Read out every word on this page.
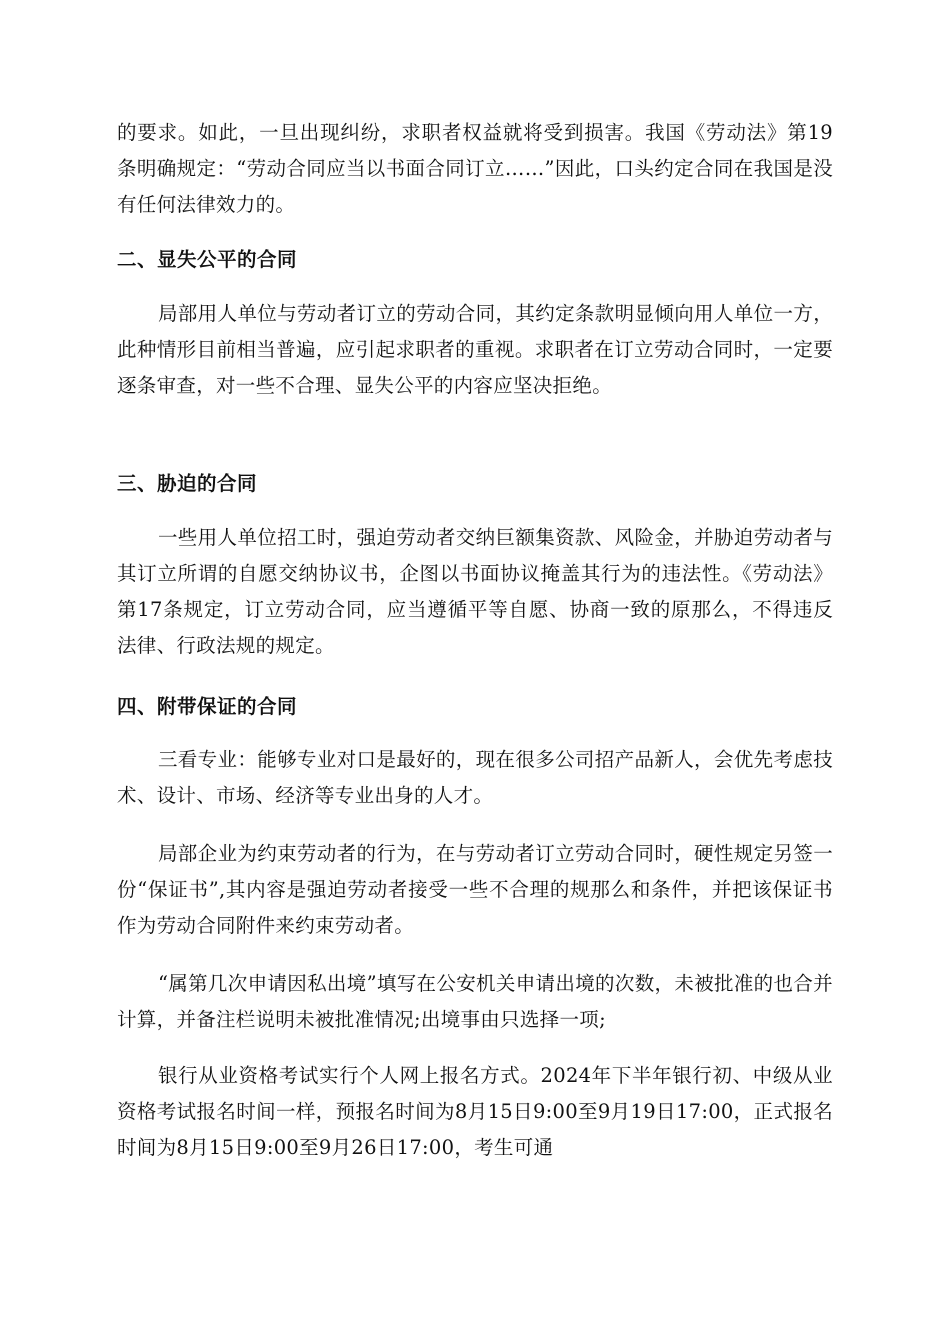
的要求。如此，一旦出现纠纷，求职者权益就将受到损害。我国《劳动法》第19条明确规定：“劳动合同应当以书面合同订立……”因此，口头约定合同在我国是没有任何法律效力的。

二、显失公平的合同

局部用人单位与劳动者订立的劳动合同，其约定条款明显倾向用人单位一方，此种情形目前相当普遍，应引起求职者的重视。求职者在订立劳动合同时，一定要逐条审查，对一些不合理、显失公平的内容应坚决拒绝。

三、胁迫的合同

一些用人单位招工时，强迫劳动者交纳巨额集资款、风险金，并胁迫劳动者与其订立所谓的自愿交纳协议书，企图以书面协议掩盖其行为的违法性。《劳动法》第17条规定，订立劳动合同，应当遵循平等自愿、协商一致的原那么，不得违反法律、行政法规的规定。

四、附带保证的合同

三看专业：能够专业对口是最好的，现在很多公司招产品新人，会优先考虑技术、设计、市场、经济等专业出身的人才。

局部企业为约束劳动者的行为，在与劳动者订立劳动合同时，硬性规定另签一份“保证书”,其内容是强迫劳动者接受一些不合理的规那么和条件，并把该保证书作为劳动合同附件来约束劳动者。

“属第几次申请因私出境”填写在公安机关申请出境的次数，未被批准的也合并计算，并备注栏说明未被批准情况;出境事由只选择一项;

银行从业资格考试实行个人网上报名方式。2024年下半年银行初、中级从业资格考试报名时间一样，预报名时间为8月15日9:00至9月19日17:00，正式报名时间为8月15日9:00至9月26日17:00，考生可通
